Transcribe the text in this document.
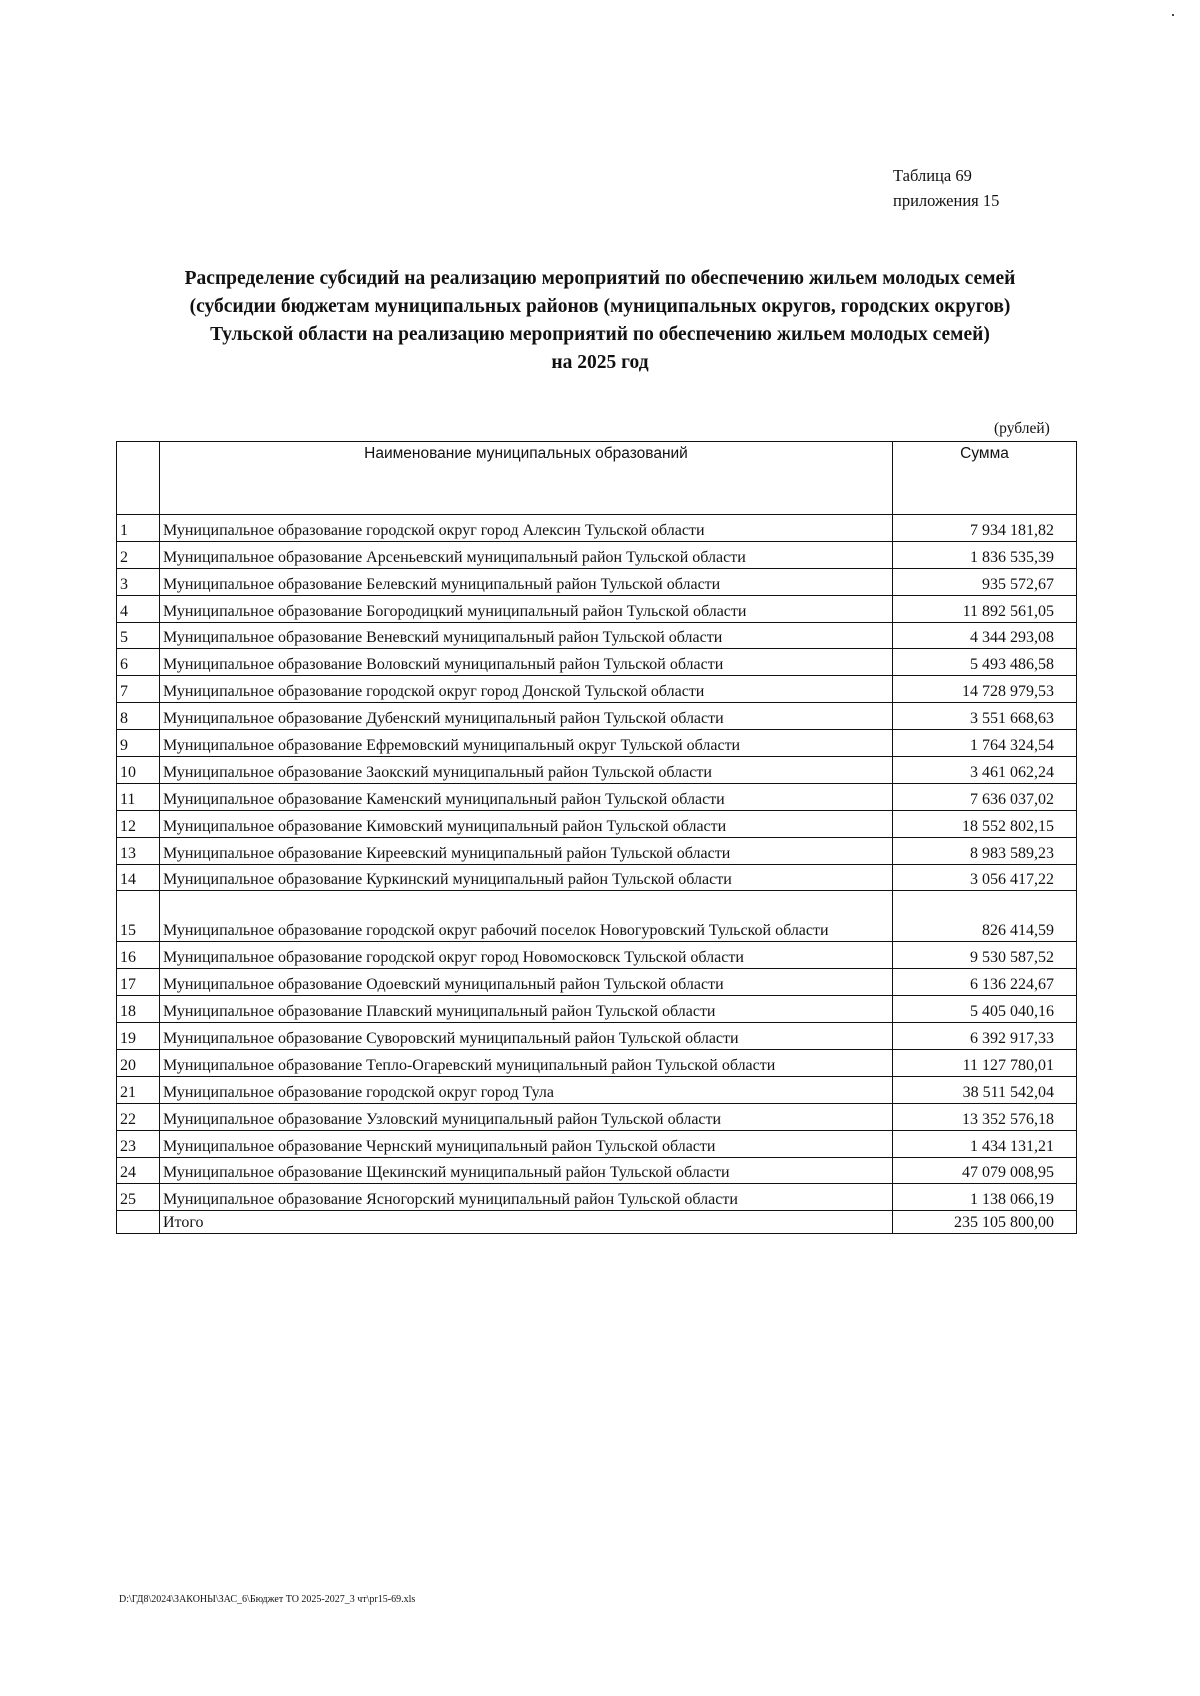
Таблица 69
приложения 15
Распределение субсидий на реализацию мероприятий по обеспечению жильем молодых семей
(субсидии бюджетам муниципальных районов (муниципальных округов, городских округов)
Тульской области на реализацию мероприятий по обеспечению жильем молодых семей)
на 2025 год
(рублей)
	Наименование муниципальных образований	Сумма
1	Муниципальное образование городской округ город Алексин Тульской области	7 934 181,82
2	Муниципальное образование Арсеньевский муниципальный район Тульской области	1 836 535,39
3	Муниципальное образование Белевский муниципальный район Тульской области	935 572,67
4	Муниципальное образование Богородицкий муниципальный район Тульской области	11 892 561,05
5	Муниципальное образование Веневский муниципальный район Тульской области	4 344 293,08
6	Муниципальное образование Воловский муниципальный район Тульской области	5 493 486,58
7	Муниципальное образование городской округ город Донской Тульской области	14 728 979,53
8	Муниципальное образование Дубенский муниципальный район Тульской области	3 551 668,63
9	Муниципальное образование Ефремовский муниципальный округ Тульской области	1 764 324,54
10	Муниципальное образование Заокский муниципальный район Тульской области	3 461 062,24
11	Муниципальное образование Каменский муниципальный район Тульской области	7 636 037,02
12	Муниципальное образование Кимовский муниципальный район Тульской области	18 552 802,15
13	Муниципальное образование Киреевский муниципальный район Тульской области	8 983 589,23
14	Муниципальное образование Куркинский муниципальный район Тульской области	3 056 417,22
15	Муниципальное образование городской округ рабочий поселок Новогуровский Тульской области	826 414,59
16	Муниципальное образование городской округ город Новомосковск Тульской области	9 530 587,52
17	Муниципальное образование Одоевский муниципальный район Тульской области	6 136 224,67
18	Муниципальное образование Плавский муниципальный район Тульской области	5 405 040,16
19	Муниципальное образование Суворовский муниципальный район Тульской области	6 392 917,33
20	Муниципальное образование Тепло-Огаревский муниципальный район Тульской области	11 127 780,01
21	Муниципальное образование городской округ город Тула	38 511 542,04
22	Муниципальное образование Узловский муниципальный район Тульской области	13 352 576,18
23	Муниципальное образование Чернский муниципальный район Тульской области	1 434 131,21
24	Муниципальное образование Щекинский муниципальный район Тульской области	47 079 008,95
25	Муниципальное образование Ясногорский муниципальный район Тульской области	1 138 066,19
	Итого	235 105 800,00
D:\ГД8\2024\ЗАКОНЫ\ЗАС_6\Бюджет ТО 2025-2027_3 чт\pr15-69.xls
